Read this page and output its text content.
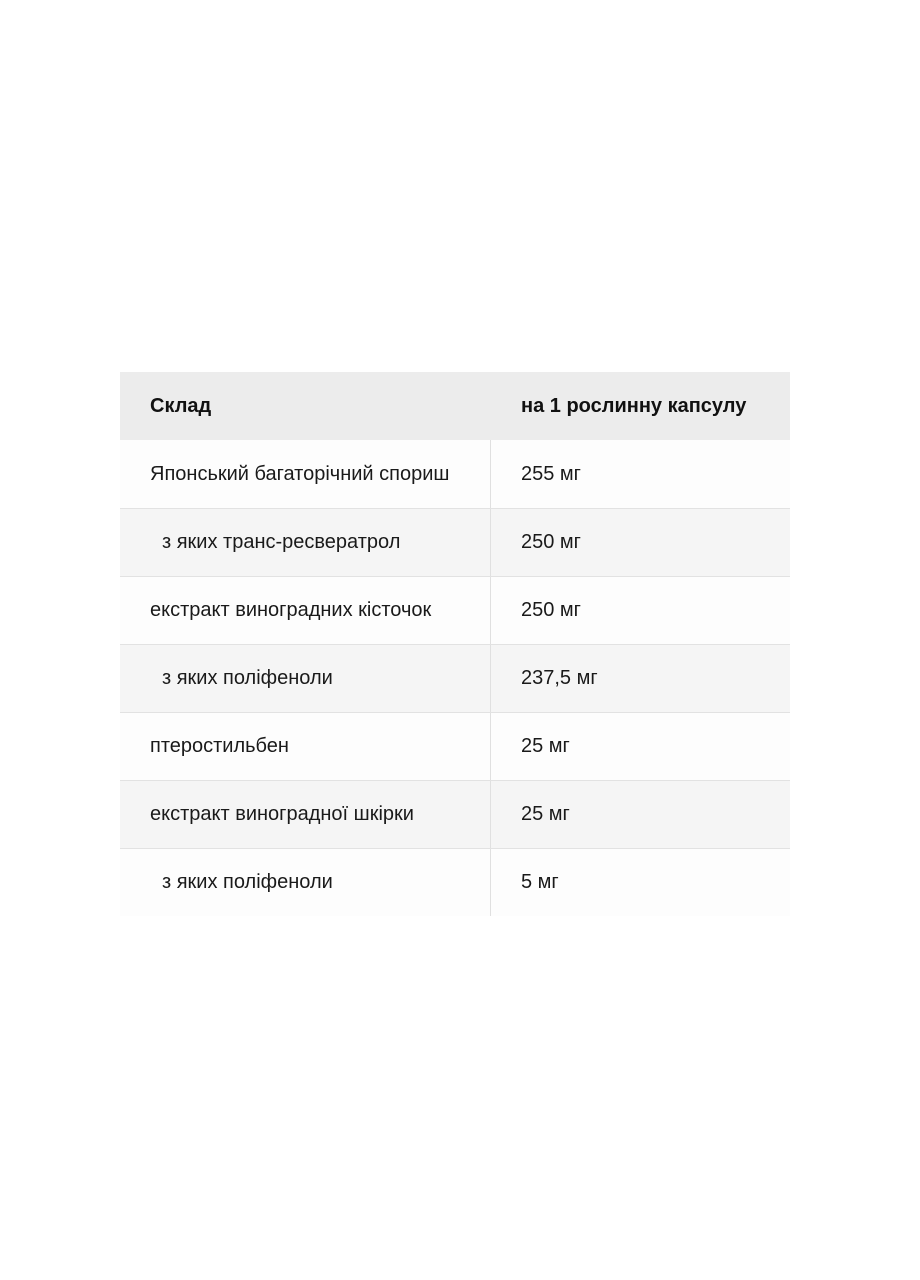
Склад	на 1 рослинну капсулу
Японський багаторічний спориш	255 мг
з яких транс-ресвератрол	250 мг
екстракт виноградних кісточок	250 мг
з яких поліфеноли	237,5 мг
птеростильбен	25 мг
екстракт виноградної шкірки	25 мг
з яких поліфеноли	5 мг
